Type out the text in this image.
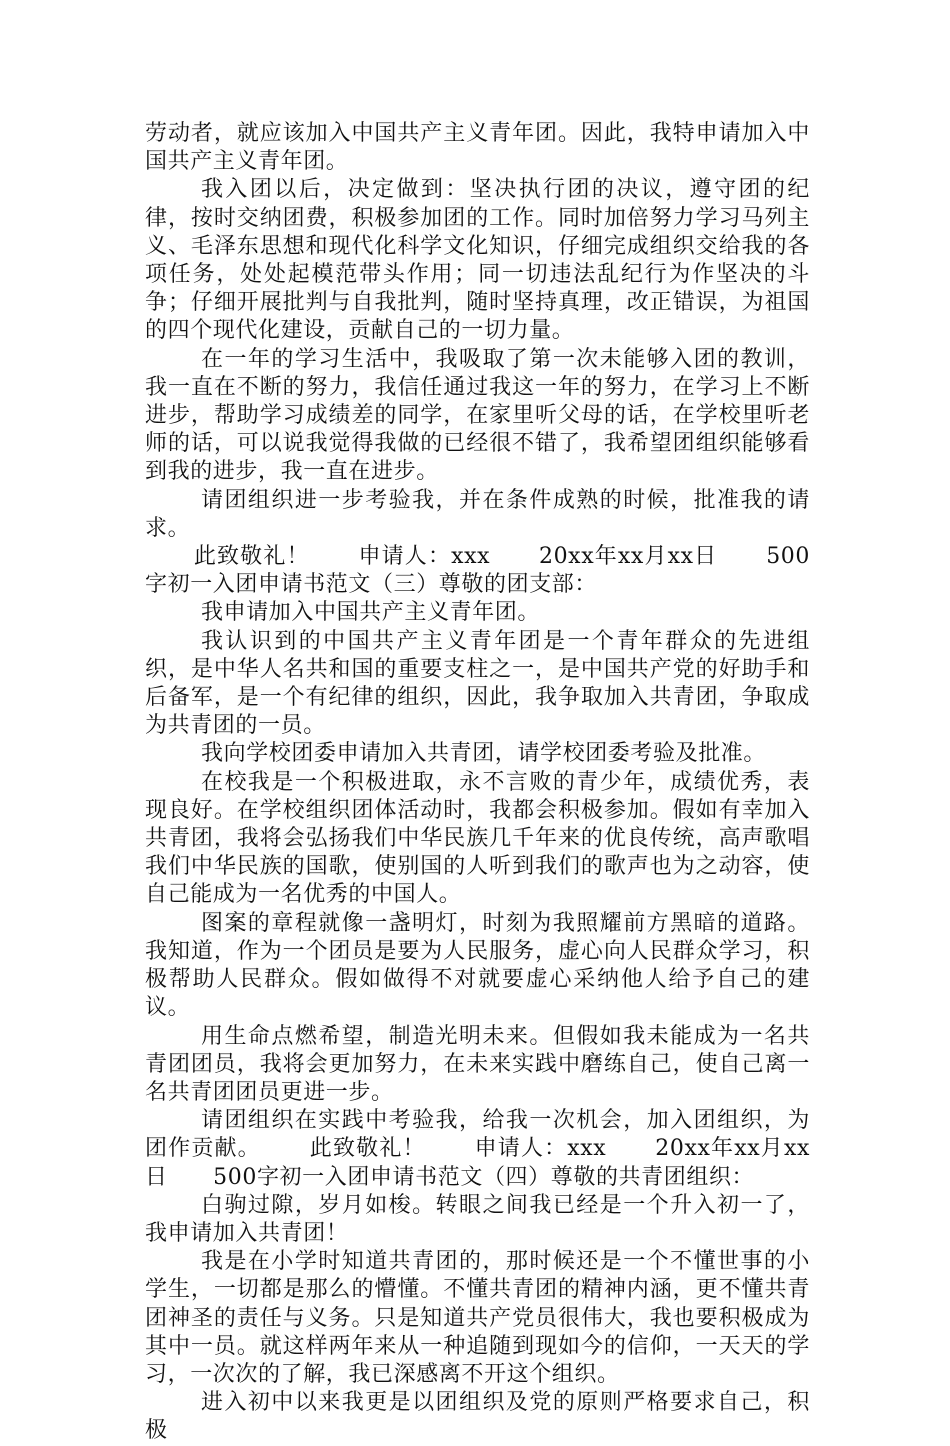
劳动者，就应该加入中国共产主义青年团。因此，我特申请加入中国共产主义青年团。

我入团以后，决定做到：坚决执行团的决议，遵守团的纪律，按时交纳团费，积极参加团的工作。同时加倍努力学习马列主义、毛泽东思想和现代化科学文化知识，仔细完成组织交给我的各项任务，处处起模范带头作用；同一切违法乱纪行为作坚决的斗争；仔细开展批判与自我批判，随时坚持真理，改正错误，为祖国的四个现代化建设，贡献自己的一切力量。

在一年的学习生活中，我吸取了第一次未能够入团的教训，我一直在不断的努力，我信任通过我这一年的努力，在学习上不断进步，帮助学习成绩差的同学，在家里听父母的话，在学校里听老师的话，可以说我觉得我做的已经很不错了，我希望团组织能够看到我的进步，我一直在进步。

请团组织进一步考验我，并在条件成熟的时候，批准我的请求。

此致敬礼！      申请人：xxx      20xx年xx月xx日      500字初一入团申请书范文（三）尊敬的团支部：

我申请加入中国共产主义青年团。

我认识到的中国共产主义青年团是一个青年群众的先进组织，是中华人名共和国的重要支柱之一，是中国共产党的好助手和后备军，是一个有纪律的组织，因此，我争取加入共青团，争取成为共青团的一员。

我向学校团委申请加入共青团，请学校团委考验及批准。

在校我是一个积极进取，永不言败的青少年，成绩优秀，表现良好。在学校组织团体活动时，我都会积极参加。假如有幸加入共青团，我将会弘扬我们中华民族几千年来的优良传统，高声歌唱我们中华民族的国歌，使别国的人听到我们的歌声也为之动容，使自己能成为一名优秀的中国人。

图案的章程就像一盏明灯，时刻为我照耀前方黑暗的道路。我知道，作为一个团员是要为人民服务，虚心向人民群众学习，积极帮助人民群众。假如做得不对就要虚心采纳他人给予自己的建议。

用生命点燃希望，制造光明未来。但假如我未能成为一名共青团团员，我将会更加努力，在未来实践中磨练自己，使自己离一名共青团团员更进一步。

请团组织在实践中考验我，给我一次机会，加入团组织，为团作贡献。      此致敬礼！      申请人：xxx      20xx年xx月xx日      500字初一入团申请书范文（四）尊敬的共青团组织：

白驹过隙，岁月如梭。转眼之间我已经是一个升入初一了，我申请加入共青团！

我是在小学时知道共青团的，那时候还是一个不懂世事的小学生，一切都是那么的懵懂。不懂共青团的精神内涵，更不懂共青团神圣的责任与义务。只是知道共产党员很伟大，我也要积极成为其中一员。就这样两年来从一种追随到现如今的信仰，一天天的学习，一次次的了解，我已深感离不开这个组织。

进入初中以来我更是以团组织及党的原则严格要求自己，积极
